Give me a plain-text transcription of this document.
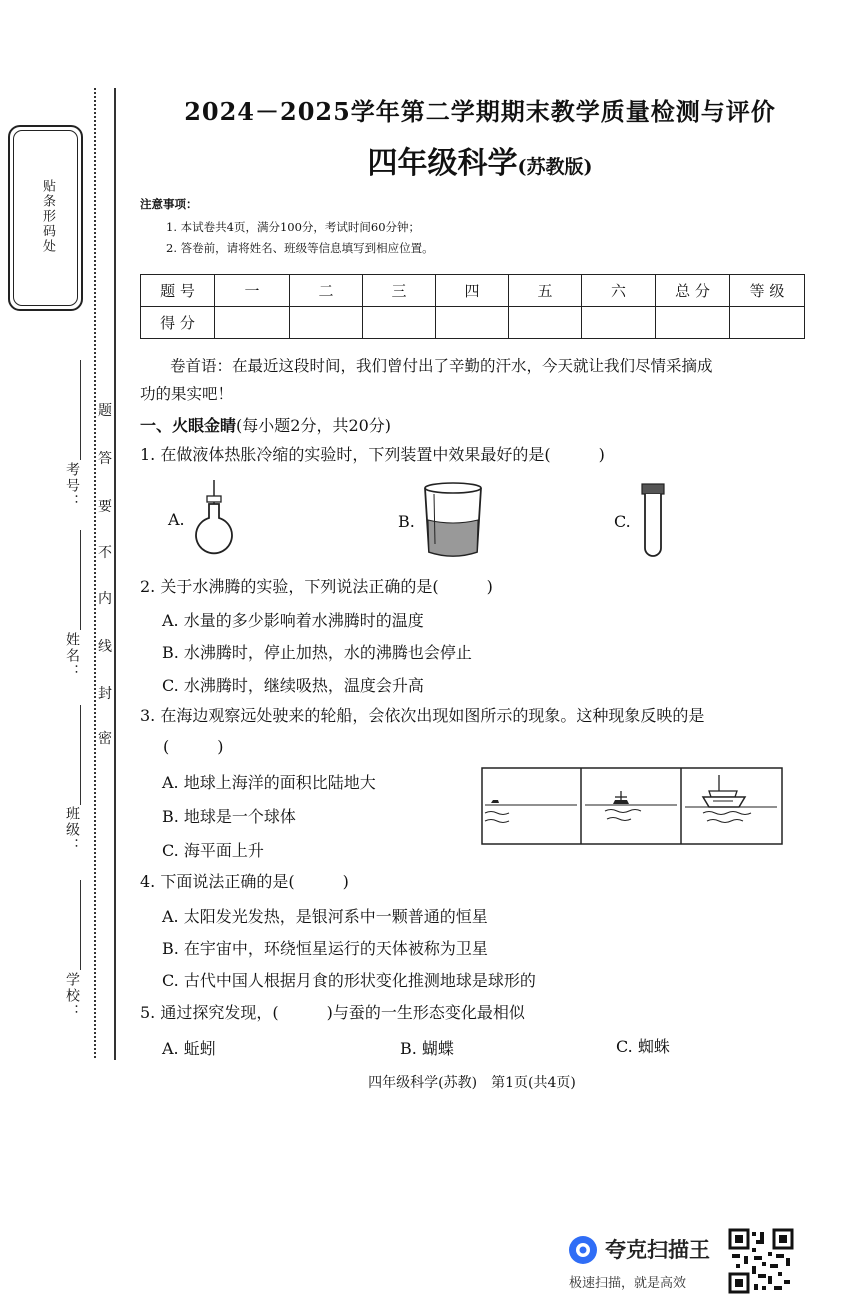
贴条形码处
题
答
要
不
内
线
封
密
考号：
姓名：
班级：
学校：
2024－2025学年第二学期期末教学质量检测与评价
四年级科学(苏教版)
注意事项：
1. 本试卷共4页，满分100分，考试时间60分钟；
2. 答卷前，请将姓名、班级等信息填写到相应位置。
题 号	一	二	三	四	五	六	总 分	等 级
得 分								
卷首语：在最近这段时间，我们曾付出了辛勤的汗水，今天就让我们尽情采摘成
功的果实吧！
一、火眼金睛(每小题2分，共20分)
1. 在做液体热胀冷缩的实验时，下列装置中效果最好的是(　　　)
A.	B.	C.
2. 关于水沸腾的实验，下列说法正确的是(　　　)
A. 水量的多少影响着水沸腾时的温度
B. 水沸腾时，停止加热，水的沸腾也会停止
C. 水沸腾时，继续吸热，温度会升高
3. 在海边观察远处驶来的轮船，会依次出现如图所示的现象。这种现象反映的是
(　　　)
A. 地球上海洋的面积比陆地大
B. 地球是一个球体
C. 海平面上升
4. 下面说法正确的是(　　　)
A. 太阳发光发热，是银河系中一颗普通的恒星
B. 在宇宙中，环绕恒星运行的天体被称为卫星
C. 古代中国人根据月食的形状变化推测地球是球形的
5. 通过探究发现，(　　　)与蚕的一生形态变化最相似
A. 蚯蚓	B. 蝴蝶	C. 蜘蛛
四年级科学(苏教)　第1页(共4页)
夸克扫描王
极速扫描，就是高效
